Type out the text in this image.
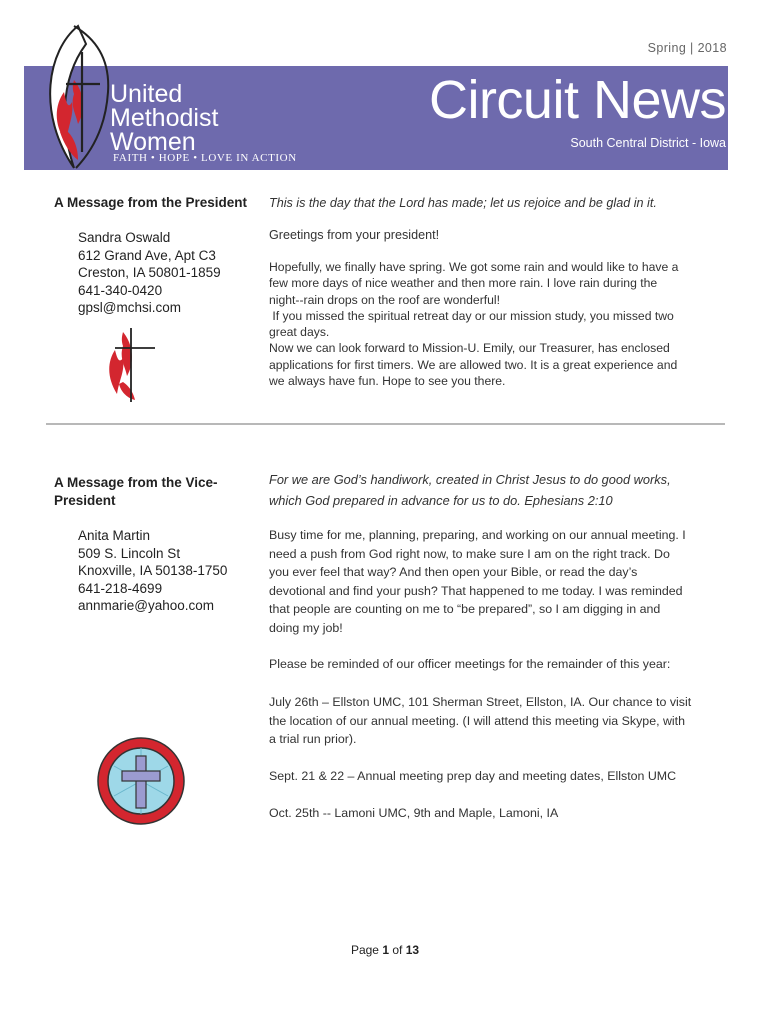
Spring | 2018
Circuit News
South Central District - Iowa
United
Methodist
Women
FAITH • HOPE • LOVE IN ACTION
A Message from the President
Sandra Oswald
612 Grand Ave, Apt C3
Creston, IA 50801-1859
641-340-0420
gpsl@mchsi.com
This is the day that the Lord has made; let us rejoice and be glad in it.
Greetings from your president!
Hopefully, we finally have spring. We got some rain and would like to have a
few more days of nice weather and then more rain. I love rain during the
night--rain drops on the roof are wonderful!
If you missed the spiritual retreat day or our mission study, you missed two
great days.
Now we can look forward to Mission-U. Emily, our Treasurer, has enclosed
applications for first timers. We are allowed two. It is a great experience and
we always have fun. Hope to see you there.
A Message from the Vice-
President
Anita Martin
509 S. Lincoln St
Knoxville, IA 50138-1750
641-218-4699
annmarie@yahoo.com
For we are God’s handiwork, created in Christ Jesus to do good works,
which God prepared in advance for us to do. Ephesians 2:10
Busy time for me, planning, preparing, and working on our annual meeting. I
need a push from God right now, to make sure I am on the right track. Do
you ever feel that way? And then open your Bible, or read the day’s
devotional and find your push? That happened to me today. I was reminded
that people are counting on me to “be prepared”, so I am digging in and
doing my job!
Please be reminded of our officer meetings for the remainder of this year:
July 26th – Ellston UMC, 101 Sherman Street, Ellston, IA. Our chance to visit
the location of our annual meeting. (I will attend this meeting via Skype, with
a trial run prior).
Sept. 21 & 22 – Annual meeting prep day and meeting dates, Ellston UMC
Oct. 25th -- Lamoni UMC, 9th and Maple, Lamoni, IA
Page 1 of 13
